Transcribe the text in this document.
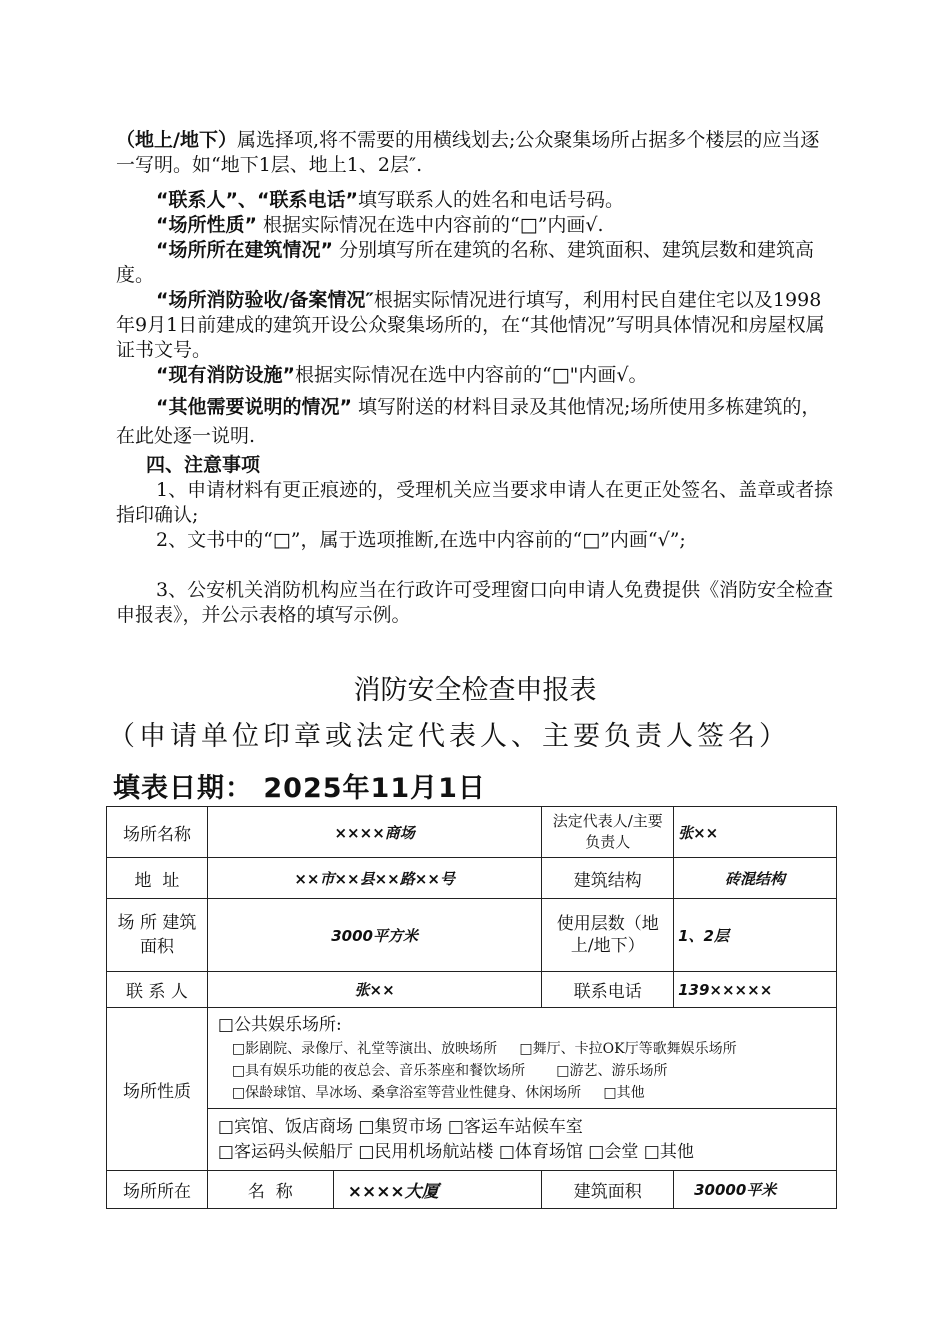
（地上/地下）属选择项,将不需要的用横线划去;公众聚集场所占据多个楼层的应当逐一写明。如“地下1层、地上1、2层″.

“联系人”、“联系电话”填写联系人的姓名和电话号码。

“场所性质” 根据实际情况在选中内容前的“□”内画√.

“场所所在建筑情况” 分别填写所在建筑的名称、建筑面积、建筑层数和建筑高度。

“场所消防验收/备案情况″根据实际情况进行填写，利用村民自建住宅以及1998年9月1日前建成的建筑开设公众聚集场所的，在“其他情况”写明具体情况和房屋权属证书文号。

“现有消防设施”根据实际情况在选中内容前的“□"内画√。

“其他需要说明的情况” 填写附送的材料目录及其他情况;场所使用多栋建筑的，在此处逐一说明.

四、注意事项

1、申请材料有更正痕迹的，受理机关应当要求申请人在更正处签名、盖章或者捺指印确认;

2、文书中的“□”，属于选项推断,在选中内容前的“□”内画“√”;

3、公安机关消防机构应当在行政许可受理窗口向申请人免费提供《消防安全检查申报表》，并公示表格的填写示例。

消防安全检查申报表
（申请单位印章或法定代表人、主要负责人签名）
填表日期： 2025年11月1日
场所名称	××××商场		法定代表人/主要负责人	张××
地  址	××市××县××路××号		建筑结构	砖混结构
场 所 建筑面积	3000平方米		使用层数（地上/地下）	1、2层
联 系 人	张××		联系电话	139×××××
场所性质	□公共娱乐场所:
□影剧院、录像厅、礼堂等演出、放映场所 □舞厅、卡拉OK厅等歌舞娱乐场所
□具有娱乐功能的夜总会、音乐茶座和餐饮场所 □游艺、游乐场所
□保龄球馆、旱冰场、桑拿浴室等营业性健身、休闲场所 □其他			

	□宾馆、饭店商场 □集贸市场 □客运车站候车室
□客运码头候船厅 □民用机场航站楼 □体育场馆 □会堂 □其他			

场所所在	名  称	××××大厦	建筑面积	30000平米
